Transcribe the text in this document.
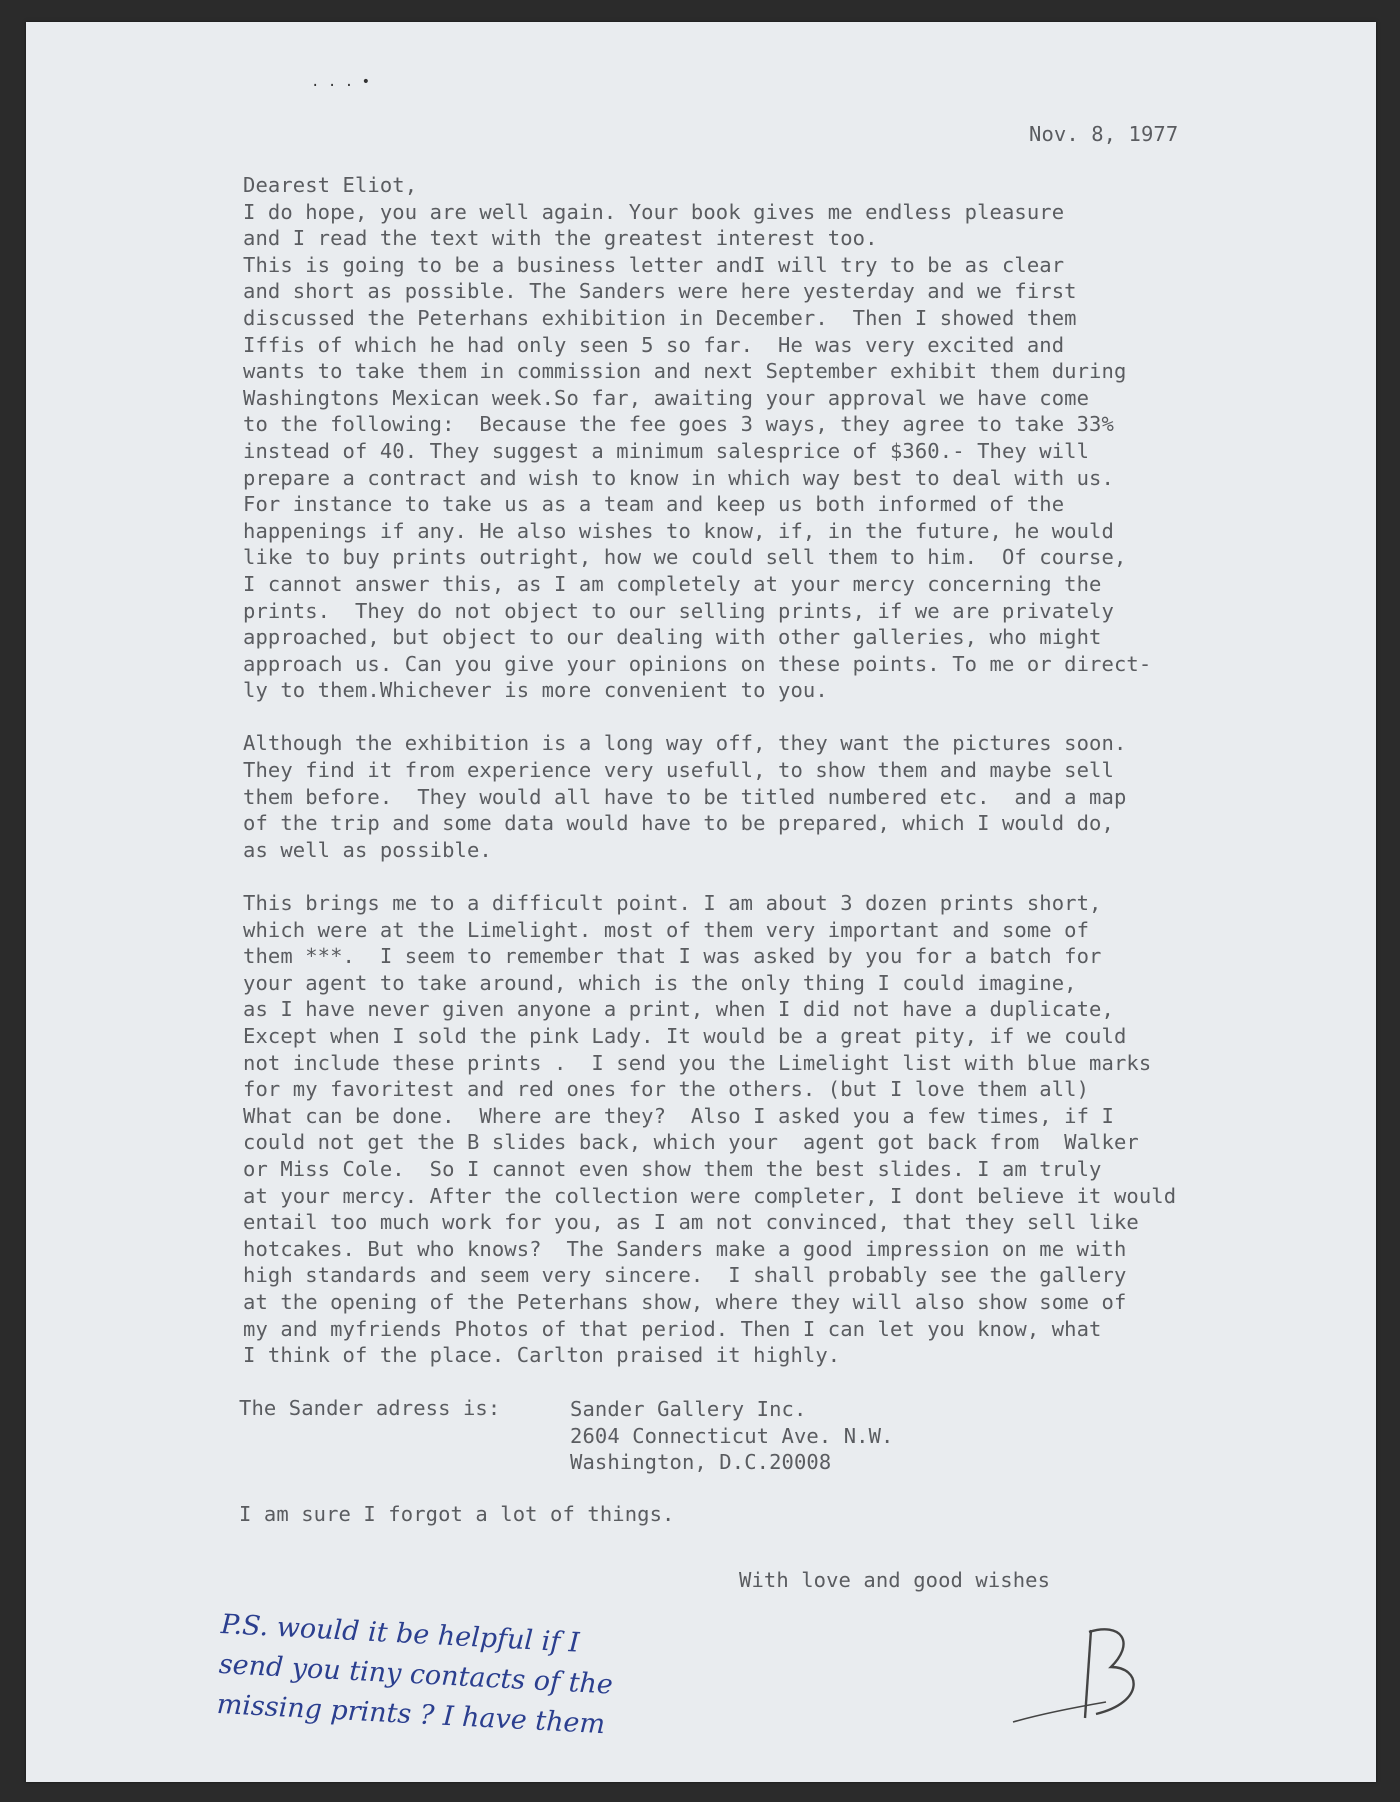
. . . •
Nov. 8, 1977
Dearest Eliot,
I do hope, you are well again. Your book gives me endless pleasure
and I read the text with the greatest interest too.
This is going to be a business letter andI will try to be as clear
and short as possible. The Sanders were here yesterday and we first
discussed the Peterhans exhibition in December.  Then I showed them
Iffis of which he had only seen 5 so far.  He was very excited and
wants to take them in commission and next September exhibit them during
Washingtons Mexican week.So far, awaiting your approval we have come
to the following:  Because the fee goes 3 ways, they agree to take 33%
instead of 40. They suggest a minimum salesprice of $360.- They will
prepare a contract and wish to know in which way best to deal with us.
For instance to take us as a team and keep us both informed of the
happenings if any. He also wishes to know, if, in the future, he would
like to buy prints outright, how we could sell them to him.  Of course,
I cannot answer this, as I am completely at your mercy concerning the
prints.  They do not object to our selling prints, if we are privately
approached, but object to our dealing with other galleries, who might
approach us. Can you give your opinions on these points. To me or direct-
ly to them.Whichever is more convenient to you.

Although the exhibition is a long way off, they want the pictures soon.
They find it from experience very usefull, to show them and maybe sell
them before.  They would all have to be titled numbered etc.  and a map
of the trip and some data would have to be prepared, which I would do,
as well as possible.

This brings me to a difficult point. I am about 3 dozen prints short,
which were at the Limelight. most of them very important and some of
them ***.  I seem to remember that I was asked by you for a batch for
your agent to take around, which is the only thing I could imagine,
as I have never given anyone a print, when I did not have a duplicate,
Except when I sold the pink Lady. It would be a great pity, if we could
not include these prints .  I send you the Limelight list with blue marks
for my favoritest and red ones for the others. (but I love them all)
What can be done.  Where are they?  Also I asked you a few times, if I
could not get the B slides back, which your  agent got back from  Walker
or Miss Cole.  So I cannot even show them the best slides. I am truly
at your mercy. After the collection were completer, I dont believe it would
entail too much work for you, as I am not convinced, that they sell like
hotcakes. But who knows?  The Sanders make a good impression on me with
high standards and seem very sincere.  I shall probably see the gallery
at the opening of the Peterhans show, where they will also show some of
my and myfriends Photos of that period. Then I can let you know, what
I think of the place. Carlton praised it highly.
The Sander adress is:	Sander Gallery Inc.
2604 Connecticut Ave. N.W.
Washington, D.C.20008
I am sure I forgot a lot of things.
With love and good wishes
P.S. would it be helpful if I
send you tiny contacts of the
missing prints ? I have them
